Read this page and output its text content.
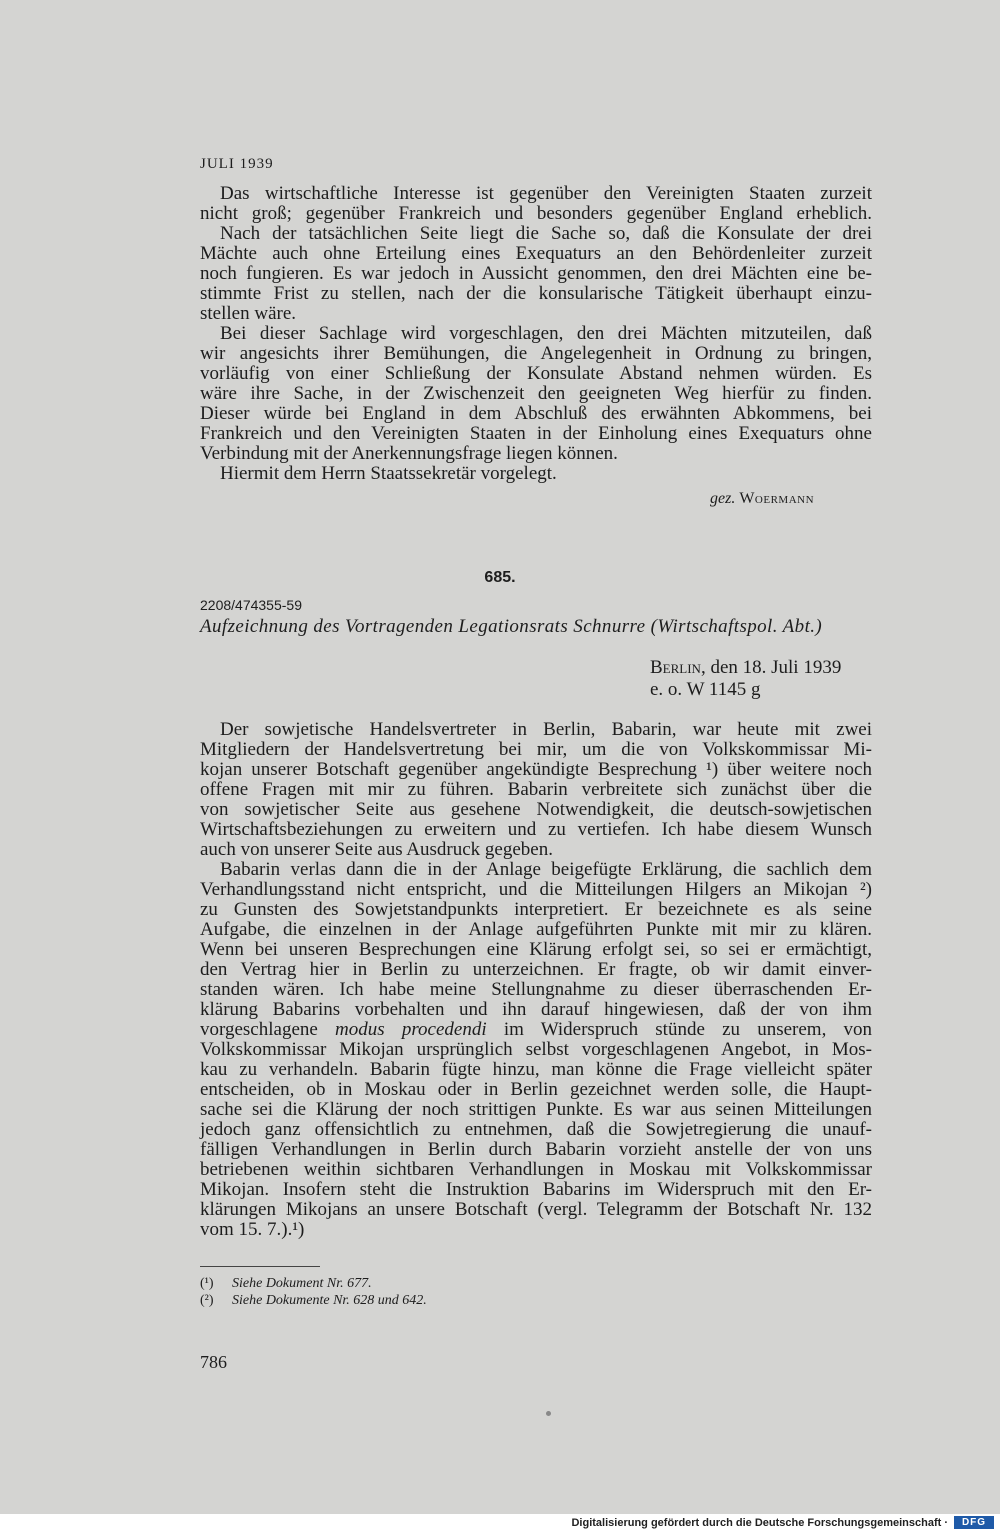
JULI 1939

Das wirtschaftliche Interesse ist gegenüber den Vereinigten Staaten zurzeit

nicht groß; gegenüber Frankreich und besonders gegenüber England erheblich.

Nach der tatsächlichen Seite liegt die Sache so, daß die Konsulate der drei

Mächte auch ohne Erteilung eines Exequaturs an den Behördenleiter zurzeit

noch fungieren. Es war jedoch in Aussicht genommen, den drei Mächten eine be-

stimmte Frist zu stellen, nach der die konsularische Tätigkeit überhaupt einzu-

stellen wäre.

Bei dieser Sachlage wird vorgeschlagen, den drei Mächten mitzuteilen, daß

wir angesichts ihrer Bemühungen, die Angelegenheit in Ordnung zu bringen,

vorläufig von einer Schließung der Konsulate Abstand nehmen würden. Es

wäre ihre Sache, in der Zwischenzeit den geeigneten Weg hierfür zu finden.

Dieser würde bei England in dem Abschluß des erwähnten Abkommens, bei

Frankreich und den Vereinigten Staaten in der Einholung eines Exequaturs ohne

Verbindung mit der Anerkennungsfrage liegen können.

Hiermit dem Herrn Staatssekretär vorgelegt.

gez. Woermann
685.
2208/474355-59
Aufzeichnung des Vortragenden Legationsrats Schnurre (Wirtschaftspol. Abt.)
Berlin, den 18. Juli 1939
e. o. W 1145 g

Der sowjetische Handelsvertreter in Berlin, Babarin, war heute mit zwei

Mitgliedern der Handelsvertretung bei mir, um die von Volkskommissar Mi-

kojan unserer Botschaft gegenüber angekündigte Besprechung ¹) über weitere noch

offene Fragen mit mir zu führen. Babarin verbreitete sich zunächst über die

von sowjetischer Seite aus gesehene Notwendigkeit, die deutsch-sowjetischen

Wirtschaftsbeziehungen zu erweitern und zu vertiefen. Ich habe diesem Wunsch

auch von unserer Seite aus Ausdruck gegeben.

Babarin verlas dann die in der Anlage beigefügte Erklärung, die sachlich dem

Verhandlungsstand nicht entspricht, und die Mitteilungen Hilgers an Mikojan ²)

zu Gunsten des Sowjetstandpunkts interpretiert. Er bezeichnete es als seine

Aufgabe, die einzelnen in der Anlage aufgeführten Punkte mit mir zu klären.

Wenn bei unseren Besprechungen eine Klärung erfolgt sei, so sei er ermächtigt,

den Vertrag hier in Berlin zu unterzeichnen. Er fragte, ob wir damit einver-

standen wären. Ich habe meine Stellungnahme zu dieser überraschenden Er-

klärung Babarins vorbehalten und ihn darauf hingewiesen, daß der von ihm

vorgeschlagene modus procedendi im Widerspruch stünde zu unserem, von

Volkskommissar Mikojan ursprünglich selbst vorgeschlagenen Angebot, in Mos-

kau zu verhandeln. Babarin fügte hinzu, man könne die Frage vielleicht später

entscheiden, ob in Moskau oder in Berlin gezeichnet werden solle, die Haupt-

sache sei die Klärung der noch strittigen Punkte. Es war aus seinen Mitteilungen

jedoch ganz offensichtlich zu entnehmen, daß die Sowjetregierung die unauf-

fälligen Verhandlungen in Berlin durch Babarin vorzieht anstelle der von uns

betriebenen weithin sichtbaren Verhandlungen in Moskau mit Volkskommissar

Mikojan. Insofern steht die Instruktion Babarins im Widerspruch mit den Er-

klärungen Mikojans an unsere Botschaft (vergl. Telegramm der Botschaft Nr. 132

vom 15. 7.).¹)

(¹) Siehe Dokument Nr. 677.
(²) Siehe Dokumente Nr. 628 und 642.
786
Digitalisierung gefördert durch die Deutsche Forschungsgemeinschaft ·	DFG
